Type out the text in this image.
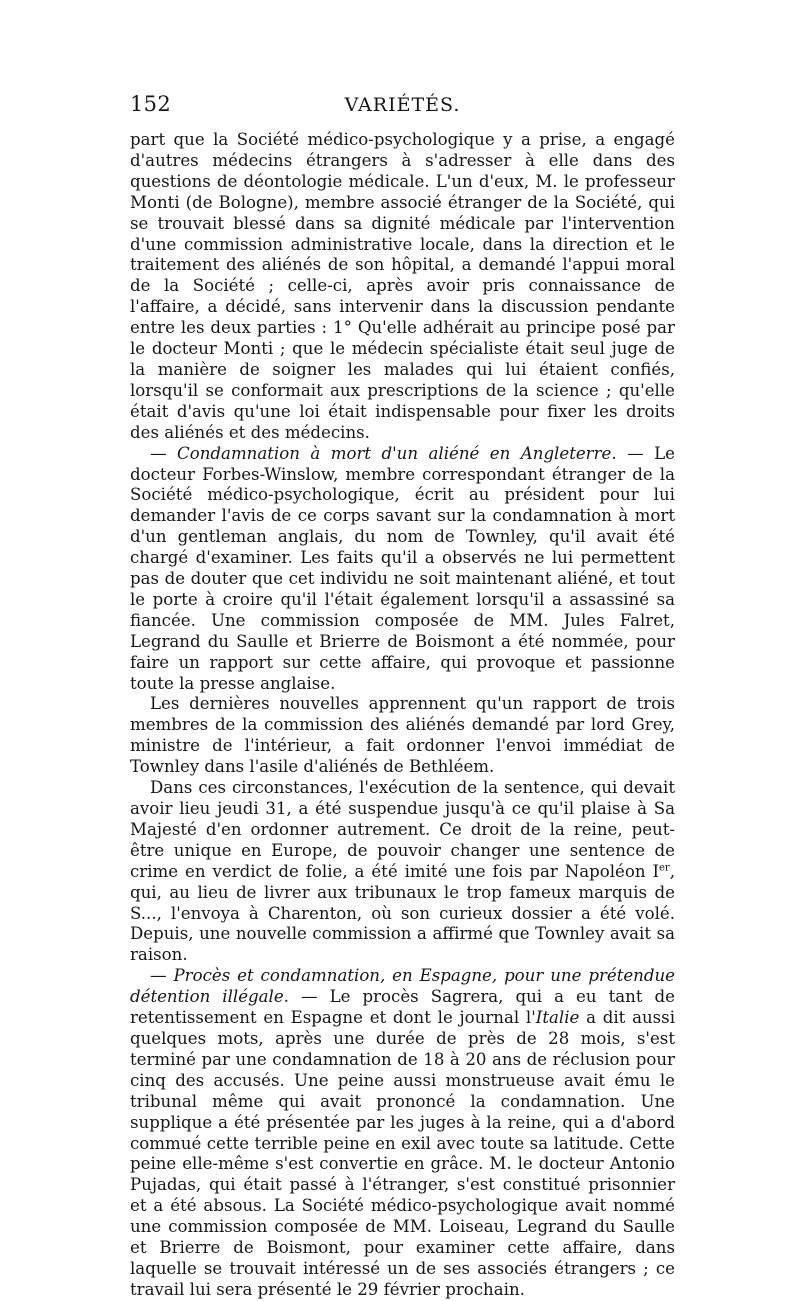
152	VARIÉTÉS.

part que la Société médico-psychologique y a prise, a engagé d'autres médecins étrangers à s'adresser à elle dans des questions de déontologie médicale. L'un d'eux, M. le professeur Monti (de Bologne), membre associé étranger de la Société, qui se trouvait blessé dans sa dignité médicale par l'intervention d'une commission administrative locale, dans la direction et le traitement des aliénés de son hôpital, a demandé l'appui moral de la Société ; celle-ci, après avoir pris connaissance de l'affaire, a décidé, sans intervenir dans la discussion pendante entre les deux parties : 1° Qu'elle adhérait au principe posé par le docteur Monti ; que le médecin spécialiste était seul juge de la manière de soigner les malades qui lui étaient confiés, lorsqu'il se conformait aux prescriptions de la science ; qu'elle était d'avis qu'une loi était indispensable pour fixer les droits des aliénés et des médecins.

— Condamnation à mort d'un aliéné en Angleterre. — Le docteur Forbes-Winslow, membre correspondant étranger de la Société médico-psychologique, écrit au président pour lui demander l'avis de ce corps savant sur la condamnation à mort d'un gentleman anglais, du nom de Townley, qu'il avait été chargé d'examiner. Les faits qu'il a observés ne lui permettent pas de douter que cet individu ne soit maintenant aliéné, et tout le porte à croire qu'il l'était également lorsqu'il a assassiné sa fiancée. Une commission composée de MM. Jules Falret, Legrand du Saulle et Brierre de Boismont a été nommée, pour faire un rapport sur cette affaire, qui provoque et passionne toute la presse anglaise.

Les dernières nouvelles apprennent qu'un rapport de trois membres de la commission des aliénés demandé par lord Grey, ministre de l'intérieur, a fait ordonner l'envoi immédiat de Townley dans l'asile d'aliénés de Bethléem.

Dans ces circonstances, l'exécution de la sentence, qui devait avoir lieu jeudi 31, a été suspendue jusqu'à ce qu'il plaise à Sa Majesté d'en ordonner autrement. Ce droit de la reine, peut-être unique en Europe, de pouvoir changer une sentence de crime en verdict de folie, a été imité une fois par Napoléon Ier, qui, au lieu de livrer aux tribunaux le trop fameux marquis de S..., l'envoya à Charenton, où son curieux dossier a été volé. Depuis, une nouvelle commission a affirmé que Townley avait sa raison.

— Procès et condamnation, en Espagne, pour une prétendue détention illégale. — Le procès Sagrera, qui a eu tant de retentissement en Espagne et dont le journal l'Italie a dit aussi quelques mots, après une durée de près de 28 mois, s'est terminé par une condamnation de 18 à 20 ans de réclusion pour cinq des accusés. Une peine aussi monstrueuse avait ému le tribunal même qui avait prononcé la condamnation. Une supplique a été présentée par les juges à la reine, qui a d'abord commué cette terrible peine en exil avec toute sa latitude. Cette peine elle-même s'est convertie en grâce. M. le docteur Antonio Pujadas, qui était passé à l'étranger, s'est constitué prisonnier et a été absous. La Société médico-psychologique avait nommé une commission composée de MM. Loiseau, Legrand du Saulle et Brierre de Boismont, pour examiner cette affaire, dans laquelle se trouvait intéressé un de ses associés étrangers ; ce travail lui sera présenté le 29 février prochain.
